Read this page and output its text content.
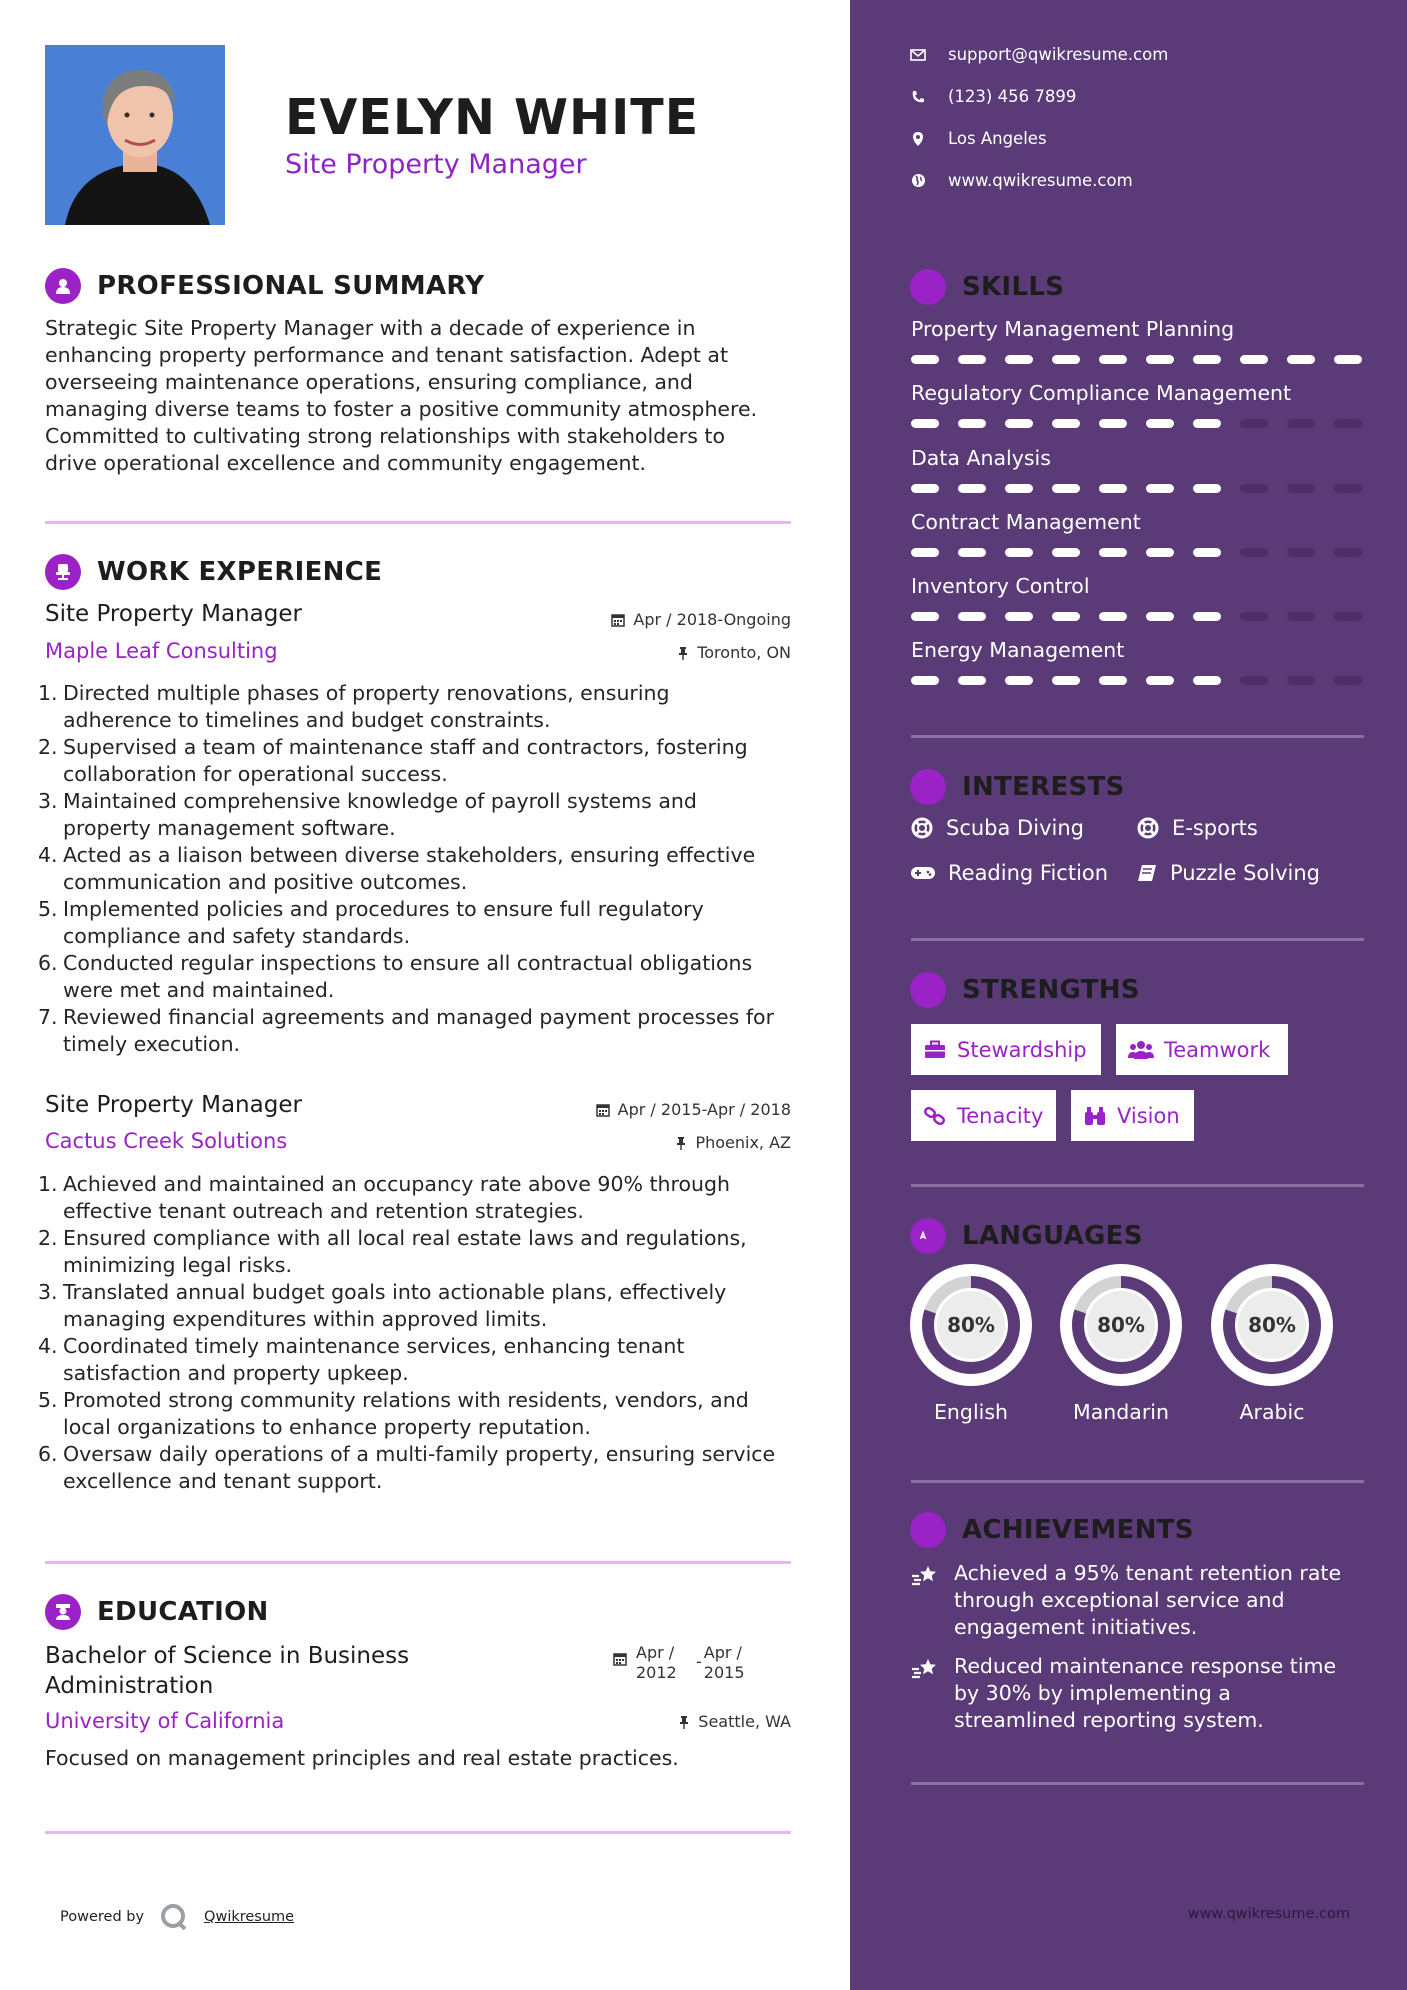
EVELYN WHITE
Site Property Manager
PROFESSIONAL SUMMARY
Strategic Site Property Manager with a decade of experience in
enhancing property performance and tenant satisfaction. Adept at
overseeing maintenance operations, ensuring compliance, and
managing diverse teams to foster a positive community atmosphere.
Committed to cultivating strong relationships with stakeholders to
drive operational excellence and community engagement.
WORK EXPERIENCE
Site Property Manager	Apr / 2018-Ongoing
Maple Leaf Consulting	Toronto, ON
1. Directed multiple phases of property renovations, ensuring
adherence to timelines and budget constraints.
2. Supervised a team of maintenance staff and contractors, fostering
collaboration for operational success.
3. Maintained comprehensive knowledge of payroll systems and
property management software.
4. Acted as a liaison between diverse stakeholders, ensuring effective
communication and positive outcomes.
5. Implemented policies and procedures to ensure full regulatory
compliance and safety standards.
6. Conducted regular inspections to ensure all contractual obligations
were met and maintained.
7. Reviewed financial agreements and managed payment processes for
timely execution.
Site Property Manager	Apr / 2015-Apr / 2018
Cactus Creek Solutions	Phoenix, AZ
1. Achieved and maintained an occupancy rate above 90% through
effective tenant outreach and retention strategies.
2. Ensured compliance with all local real estate laws and regulations,
minimizing legal risks.
3. Translated annual budget goals into actionable plans, effectively
managing expenditures within approved limits.
4. Coordinated timely maintenance services, enhancing tenant
satisfaction and property upkeep.
5. Promoted strong community relations with residents, vendors, and
local organizations to enhance property reputation.
6. Oversaw daily operations of a multi-family property, ensuring service
excellence and tenant support.
EDUCATION
Bachelor of Science in Business
Administration
Apr /
2012
- Apr /
2015
University of California	Seattle, WA
Focused on management principles and real estate practices.
Powered by	Qwikresume
support@qwikresume.com
(123) 456 7899
Los Angeles
www.qwikresume.com
SKILLS
Property Management Planning
Regulatory Compliance Management
Data Analysis
Contract Management
Inventory Control
Energy Management
INTERESTS
Scuba Diving	E-sports
Reading Fiction	Puzzle Solving
STRENGTHS
Stewardship	Teamwork
Tenacity	Vision
LANGUAGES
80%
English
80%
Mandarin
80%
Arabic
ACHIEVEMENTS
Achieved a 95% tenant retention rate
through exceptional service and
engagement initiatives.
Reduced maintenance response time
by 30% by implementing a
streamlined reporting system.
www.qwikresume.com
